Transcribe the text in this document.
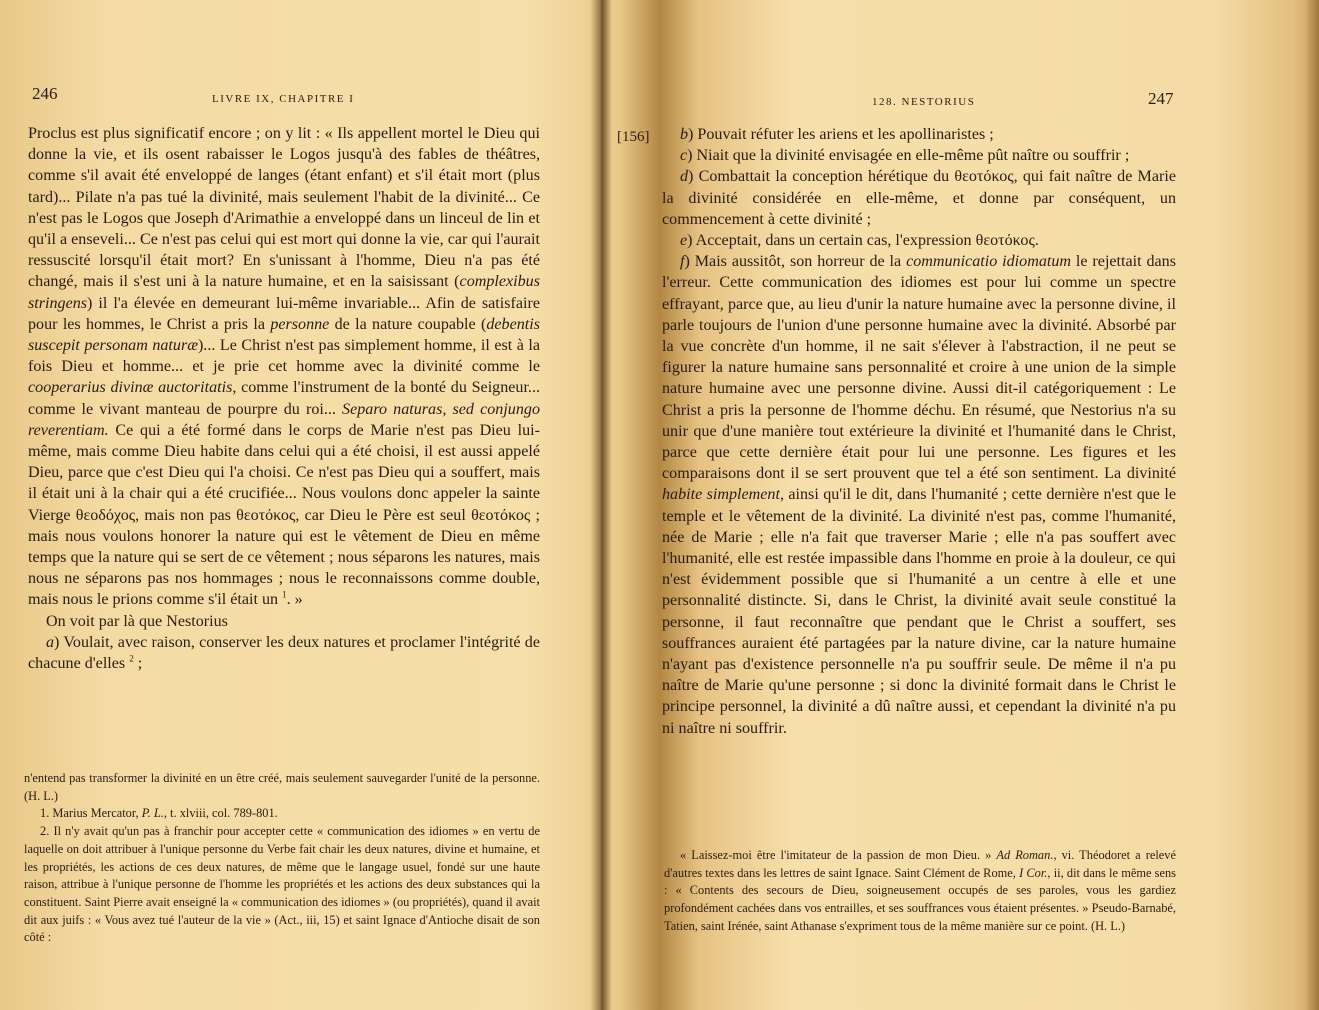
246	LIVRE IX, CHAPITRE I

Proclus est plus significatif encore ; on y lit : « Ils appellent mortel le Dieu qui donne la vie, et ils osent rabaisser le Logos jusqu'à des fables de théâtres, comme s'il avait été enveloppé de langes (étant enfant) et s'il était mort (plus tard)... Pilate n'a pas tué la divinité, mais seulement l'habit de la divinité... Ce n'est pas le Logos que Joseph d'Arimathie a enveloppé dans un linceul de lin et qu'il a enseveli... Ce n'est pas celui qui est mort qui donne la vie, car qui l'aurait ressuscité lorsqu'il était mort? En s'unissant à l'homme, Dieu n'a pas été changé, mais il s'est uni à la nature humaine, et en la saisissant (complexibus stringens) il l'a élevée en demeurant lui-même invariable... Afin de satisfaire pour les hommes, le Christ a pris la personne de la nature coupable (debentis suscepit personam naturæ)... Le Christ n'est pas simplement homme, il est à la fois Dieu et homme... et je prie cet homme avec la divinité comme le cooperarius divinæ auctoritatis, comme l'instrument de la bonté du Seigneur... comme le vivant manteau de pourpre du roi... Separo naturas, sed conjungo reverentiam. Ce qui a été formé dans le corps de Marie n'est pas Dieu lui-même, mais comme Dieu habite dans celui qui a été choisi, il est aussi appelé Dieu, parce que c'est Dieu qui l'a choisi. Ce n'est pas Dieu qui a souffert, mais il était uni à la chair qui a été crucifiée... Nous voulons donc appeler la sainte Vierge θεοδόχος, mais non pas θεοτόκος, car Dieu le Père est seul θεοτόκος ; mais nous voulons honorer la nature qui est le vêtement de Dieu en même temps que la nature qui se sert de ce vêtement ; nous séparons les natures, mais nous ne séparons pas nos hommages ; nous le reconnaissons comme double, mais nous le prions comme s'il était un $^1$. »

On voit par là que Nestorius

a) Voulait, avec raison, conserver les deux natures et proclamer l'intégrité de chacune d'elles $^2$ ;

n'entend pas transformer la divinité en un être créé, mais seulement sauvegarder l'unité de la personne. (H. L.)

1. Marius Mercator, P. L., t. xlviii, col. 789-801.

2. Il n'y avait qu'un pas à franchir pour accepter cette « communication des idiomes » en vertu de laquelle on doit attribuer à l'unique personne du Verbe fait chair les deux natures, divine et humaine, et les propriétés, les actions de ces deux natures, de même que le langage usuel, fondé sur une haute raison, attribue à l'unique personne de l'homme les propriétés et les actions des deux substances qui la constituent. Saint Pierre avait enseigné la « communication des idiomes » (ou propriétés), quand il avait dit aux juifs : « Vous avez tué l'auteur de la vie » (Act., iii, 15) et saint Ignace d'Antioche disait de son côté :

[156]
128. NESTORIUS	247

b) Pouvait réfuter les ariens et les apollinaristes ;

c) Niait que la divinité envisagée en elle-même pût naître ou souffrir ;

d) Combattait la conception hérétique du θεοτόκος, qui fait naître de Marie la divinité considérée en elle-même, et donne par conséquent, un commencement à cette divinité ;

e) Acceptait, dans un certain cas, l'expression θεοτόκος.

f) Mais aussitôt, son horreur de la communicatio idiomatum le rejettait dans l'erreur. Cette communication des idiomes est pour lui comme un spectre effrayant, parce que, au lieu d'unir la nature humaine avec la personne divine, il parle toujours de l'union d'une personne humaine avec la divinité. Absorbé par la vue concrète d'un homme, il ne sait s'élever à l'abstraction, il ne peut se figurer la nature humaine sans personnalité et croire à une union de la simple nature humaine avec une personne divine. Aussi dit-il catégoriquement : Le Christ a pris la personne de l'homme déchu. En résumé, que Nestorius n'a su unir que d'une manière tout extérieure la divinité et l'humanité dans le Christ, parce que cette dernière était pour lui une personne. Les figures et les comparaisons dont il se sert prouvent que tel a été son sentiment. La divinité habite simplement, ainsi qu'il le dit, dans l'humanité ; cette dernière n'est que le temple et le vêtement de la divinité. La divinité n'est pas, comme l'humanité, née de Marie ; elle n'a fait que traverser Marie ; elle n'a pas souffert avec l'humanité, elle est restée impassible dans l'homme en proie à la douleur, ce qui n'est évidemment possible que si l'humanité a un centre à elle et une personnalité distincte. Si, dans le Christ, la divinité avait seule constitué la personne, il faut reconnaître que pendant que le Christ a souffert, ses souffrances auraient été partagées par la nature divine, car la nature humaine n'ayant pas d'existence personnelle n'a pu souffrir seule. De même il n'a pu naître de Marie qu'une personne ; si donc la divinité formait dans le Christ le principe personnel, la divinité a dû naître aussi, et cependant la divinité n'a pu ni naître ni souffrir.

« Laissez-moi être l'imitateur de la passion de mon Dieu. » Ad Roman., vi. Théodoret a relevé d'autres textes dans les lettres de saint Ignace. Saint Clément de Rome, I Cor., ii, dit dans le même sens : « Contents des secours de Dieu, soigneusement occupés de ses paroles, vous les gardiez profondément cachées dans vos entrailles, et ses souffrances vous étaient présentes. » Pseudo-Barnabé, Tatien, saint Irénée, saint Athanase s'expriment tous de la même manière sur ce point. (H. L.)
